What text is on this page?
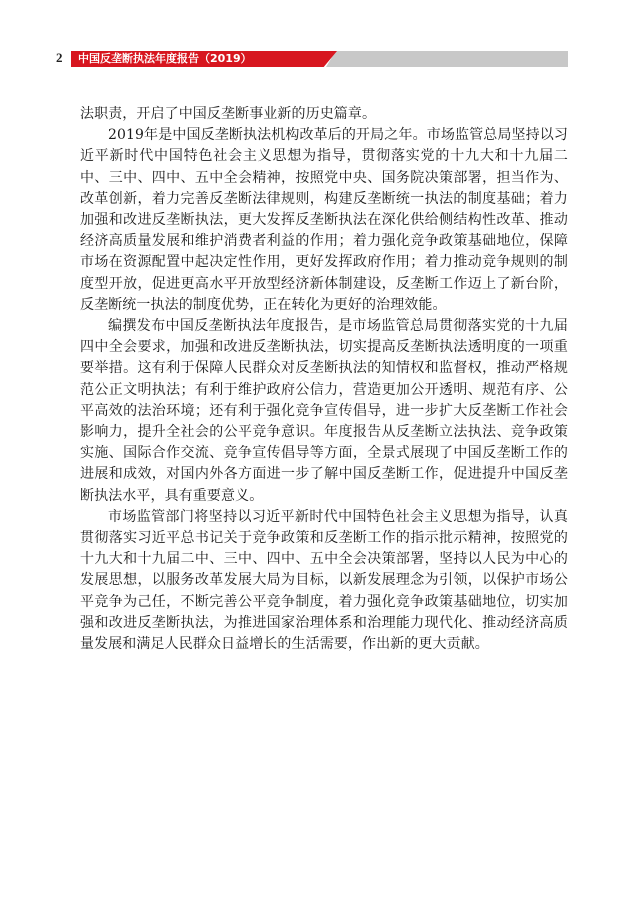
2 中国反垄断执法年度报告（2019）

法职责，开启了中国反垄断事业新的历史篇章。

2019年是中国反垄断执法机构改革后的开局之年。市场监管总局坚持以习近平新时代中国特色社会主义思想为指导，贯彻落实党的十九大和十九届二中、三中、四中、五中全会精神，按照党中央、国务院决策部署，担当作为、改革创新，着力完善反垄断法律规则，构建反垄断统一执法的制度基础；着力加强和改进反垄断执法，更大发挥反垄断执法在深化供给侧结构性改革、推动经济高质量发展和维护消费者利益的作用；着力强化竞争政策基础地位，保障市场在资源配置中起决定性作用，更好发挥政府作用；着力推动竞争规则的制度型开放，促进更高水平开放型经济新体制建设，反垄断工作迈上了新台阶，反垄断统一执法的制度优势，正在转化为更好的治理效能。

编撰发布中国反垄断执法年度报告，是市场监管总局贯彻落实党的十九届四中全会要求，加强和改进反垄断执法，切实提高反垄断执法透明度的一项重要举措。这有利于保障人民群众对反垄断执法的知情权和监督权，推动严格规范公正文明执法；有利于维护政府公信力，营造更加公开透明、规范有序、公平高效的法治环境；还有利于强化竞争宣传倡导，进一步扩大反垄断工作社会影响力，提升全社会的公平竞争意识。年度报告从反垄断立法执法、竞争政策实施、国际合作交流、竞争宣传倡导等方面，全景式展现了中国反垄断工作的进展和成效，对国内外各方面进一步了解中国反垄断工作，促进提升中国反垄断执法水平，具有重要意义。

市场监管部门将坚持以习近平新时代中国特色社会主义思想为指导，认真贯彻落实习近平总书记关于竞争政策和反垄断工作的指示批示精神，按照党的十九大和十九届二中、三中、四中、五中全会决策部署，坚持以人民为中心的发展思想，以服务改革发展大局为目标，以新发展理念为引领，以保护市场公平竞争为己任，不断完善公平竞争制度，着力强化竞争政策基础地位，切实加强和改进反垄断执法，为推进国家治理体系和治理能力现代化、推动经济高质量发展和满足人民群众日益增长的生活需要，作出新的更大贡献。
